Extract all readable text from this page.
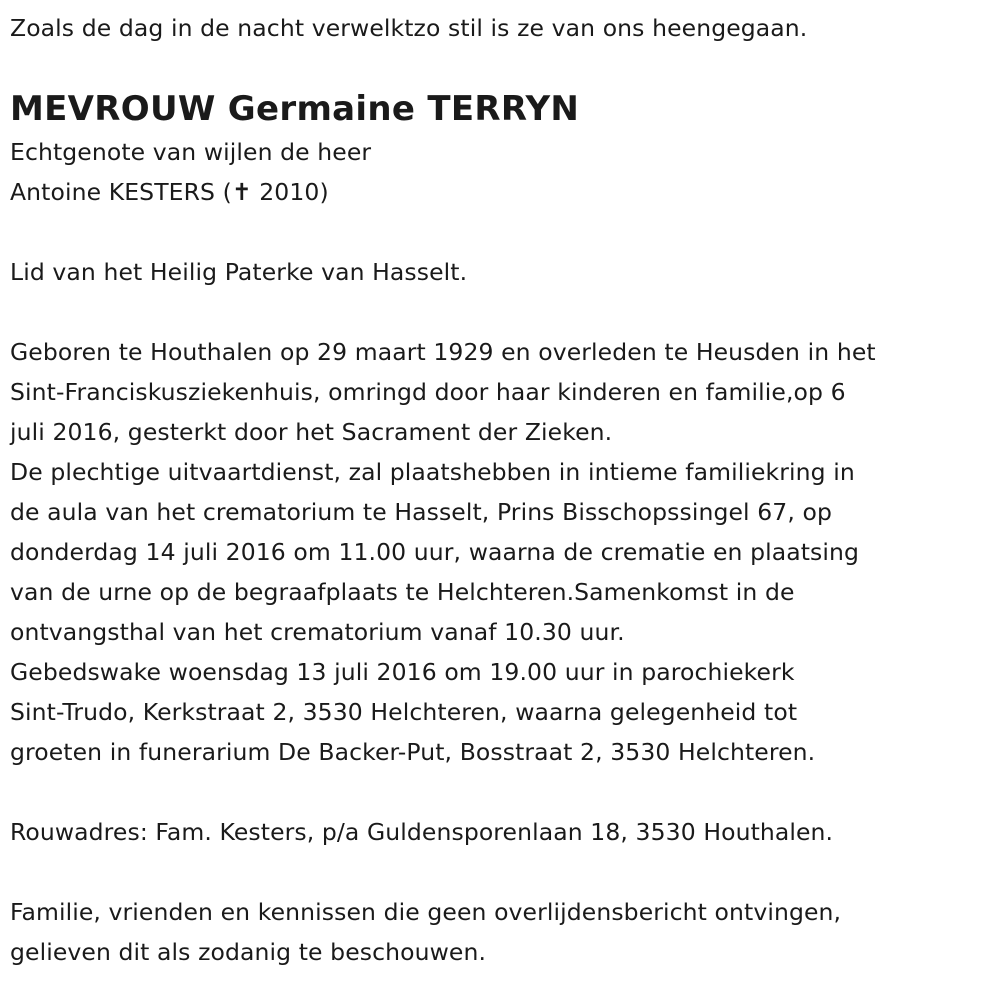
Zoals de dag in de nacht verwelktzo stil is ze van ons heengegaan.
MEVROUW Germaine TERRYN
Echtgenote van wijlen de heer
Antoine KESTERS (✝ 2010)
Lid van het Heilig Paterke van Hasselt.
Geboren te Houthalen op 29 maart 1929 en overleden te Heusden in het
Sint-Franciskusziekenhuis, omringd door haar kinderen en familie,op 6
juli 2016, gesterkt door het Sacrament der Zieken.
De plechtige uitvaartdienst, zal plaatshebben in intieme familiekring in
de aula van het crematorium te Hasselt, Prins Bisschopssingel 67, op
donderdag 14 juli 2016 om 11.00 uur, waarna de crematie en plaatsing
van de urne op de begraafplaats te Helchteren.Samenkomst in de
ontvangsthal van het crematorium vanaf 10.30 uur.
Gebedswake woensdag 13 juli 2016 om 19.00 uur in parochiekerk
Sint-Trudo, Kerkstraat 2, 3530 Helchteren, waarna gelegenheid tot
groeten in funerarium De Backer-Put, Bosstraat 2, 3530 Helchteren.
Rouwadres: Fam. Kesters, p/a Guldensporenlaan 18, 3530 Houthalen.
Familie, vrienden en kennissen die geen overlijdensbericht ontvingen,
gelieven dit als zodanig te beschouwen.
